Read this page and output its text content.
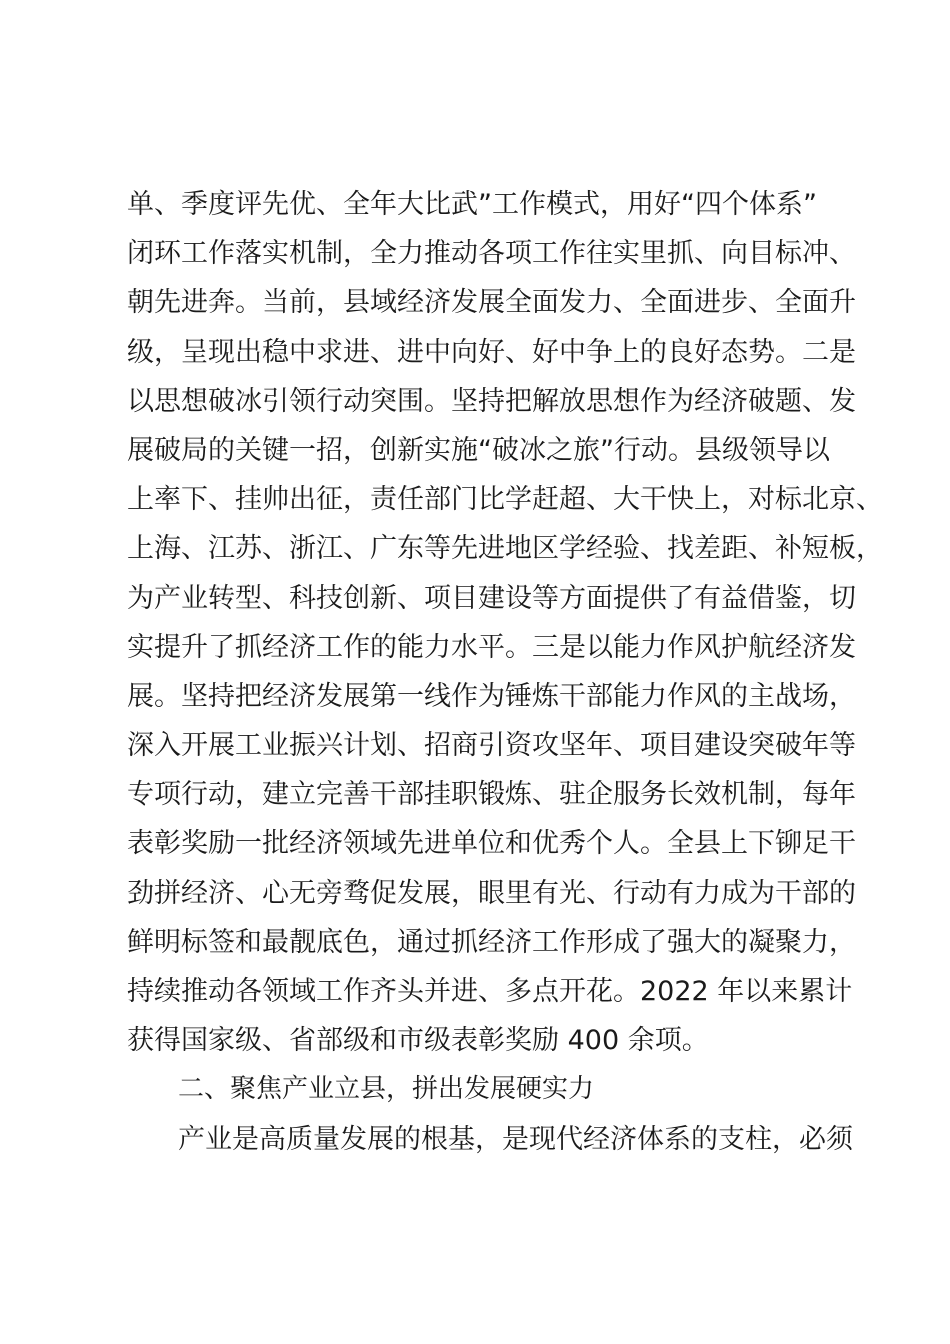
单、季度评先优、全年大比武”工作模式，用好“四个体系”
闭环工作落实机制，全力推动各项工作往实里抓、向目标冲、
朝先进奔。当前，县域经济发展全面发力、全面进步、全面升
级，呈现出稳中求进、进中向好、好中争上的良好态势。二是
以思想破冰引领行动突围。坚持把解放思想作为经济破题、发
展破局的关键一招，创新实施“破冰之旅”行动。县级领导以
上率下、挂帅出征，责任部门比学赶超、大干快上，对标北京、
上海、江苏、浙江、广东等先进地区学经验、找差距、补短板，
为产业转型、科技创新、项目建设等方面提供了有益借鉴，切
实提升了抓经济工作的能力水平。三是以能力作风护航经济发
展。坚持把经济发展第一线作为锤炼干部能力作风的主战场，
深入开展工业振兴计划、招商引资攻坚年、项目建设突破年等
专项行动，建立完善干部挂职锻炼、驻企服务长效机制，每年
表彰奖励一批经济领域先进单位和优秀个人。全县上下铆足干
劲拼经济、心无旁骛促发展，眼里有光、行动有力成为干部的
鲜明标签和最靓底色，通过抓经济工作形成了强大的凝聚力，
持续推动各领域工作齐头并进、多点开花。2022 年以来累计
获得国家级、省部级和市级表彰奖励 400 余项。
二、聚焦产业立县，拼出发展硬实力
产业是高质量发展的根基，是现代经济体系的支柱，必须
